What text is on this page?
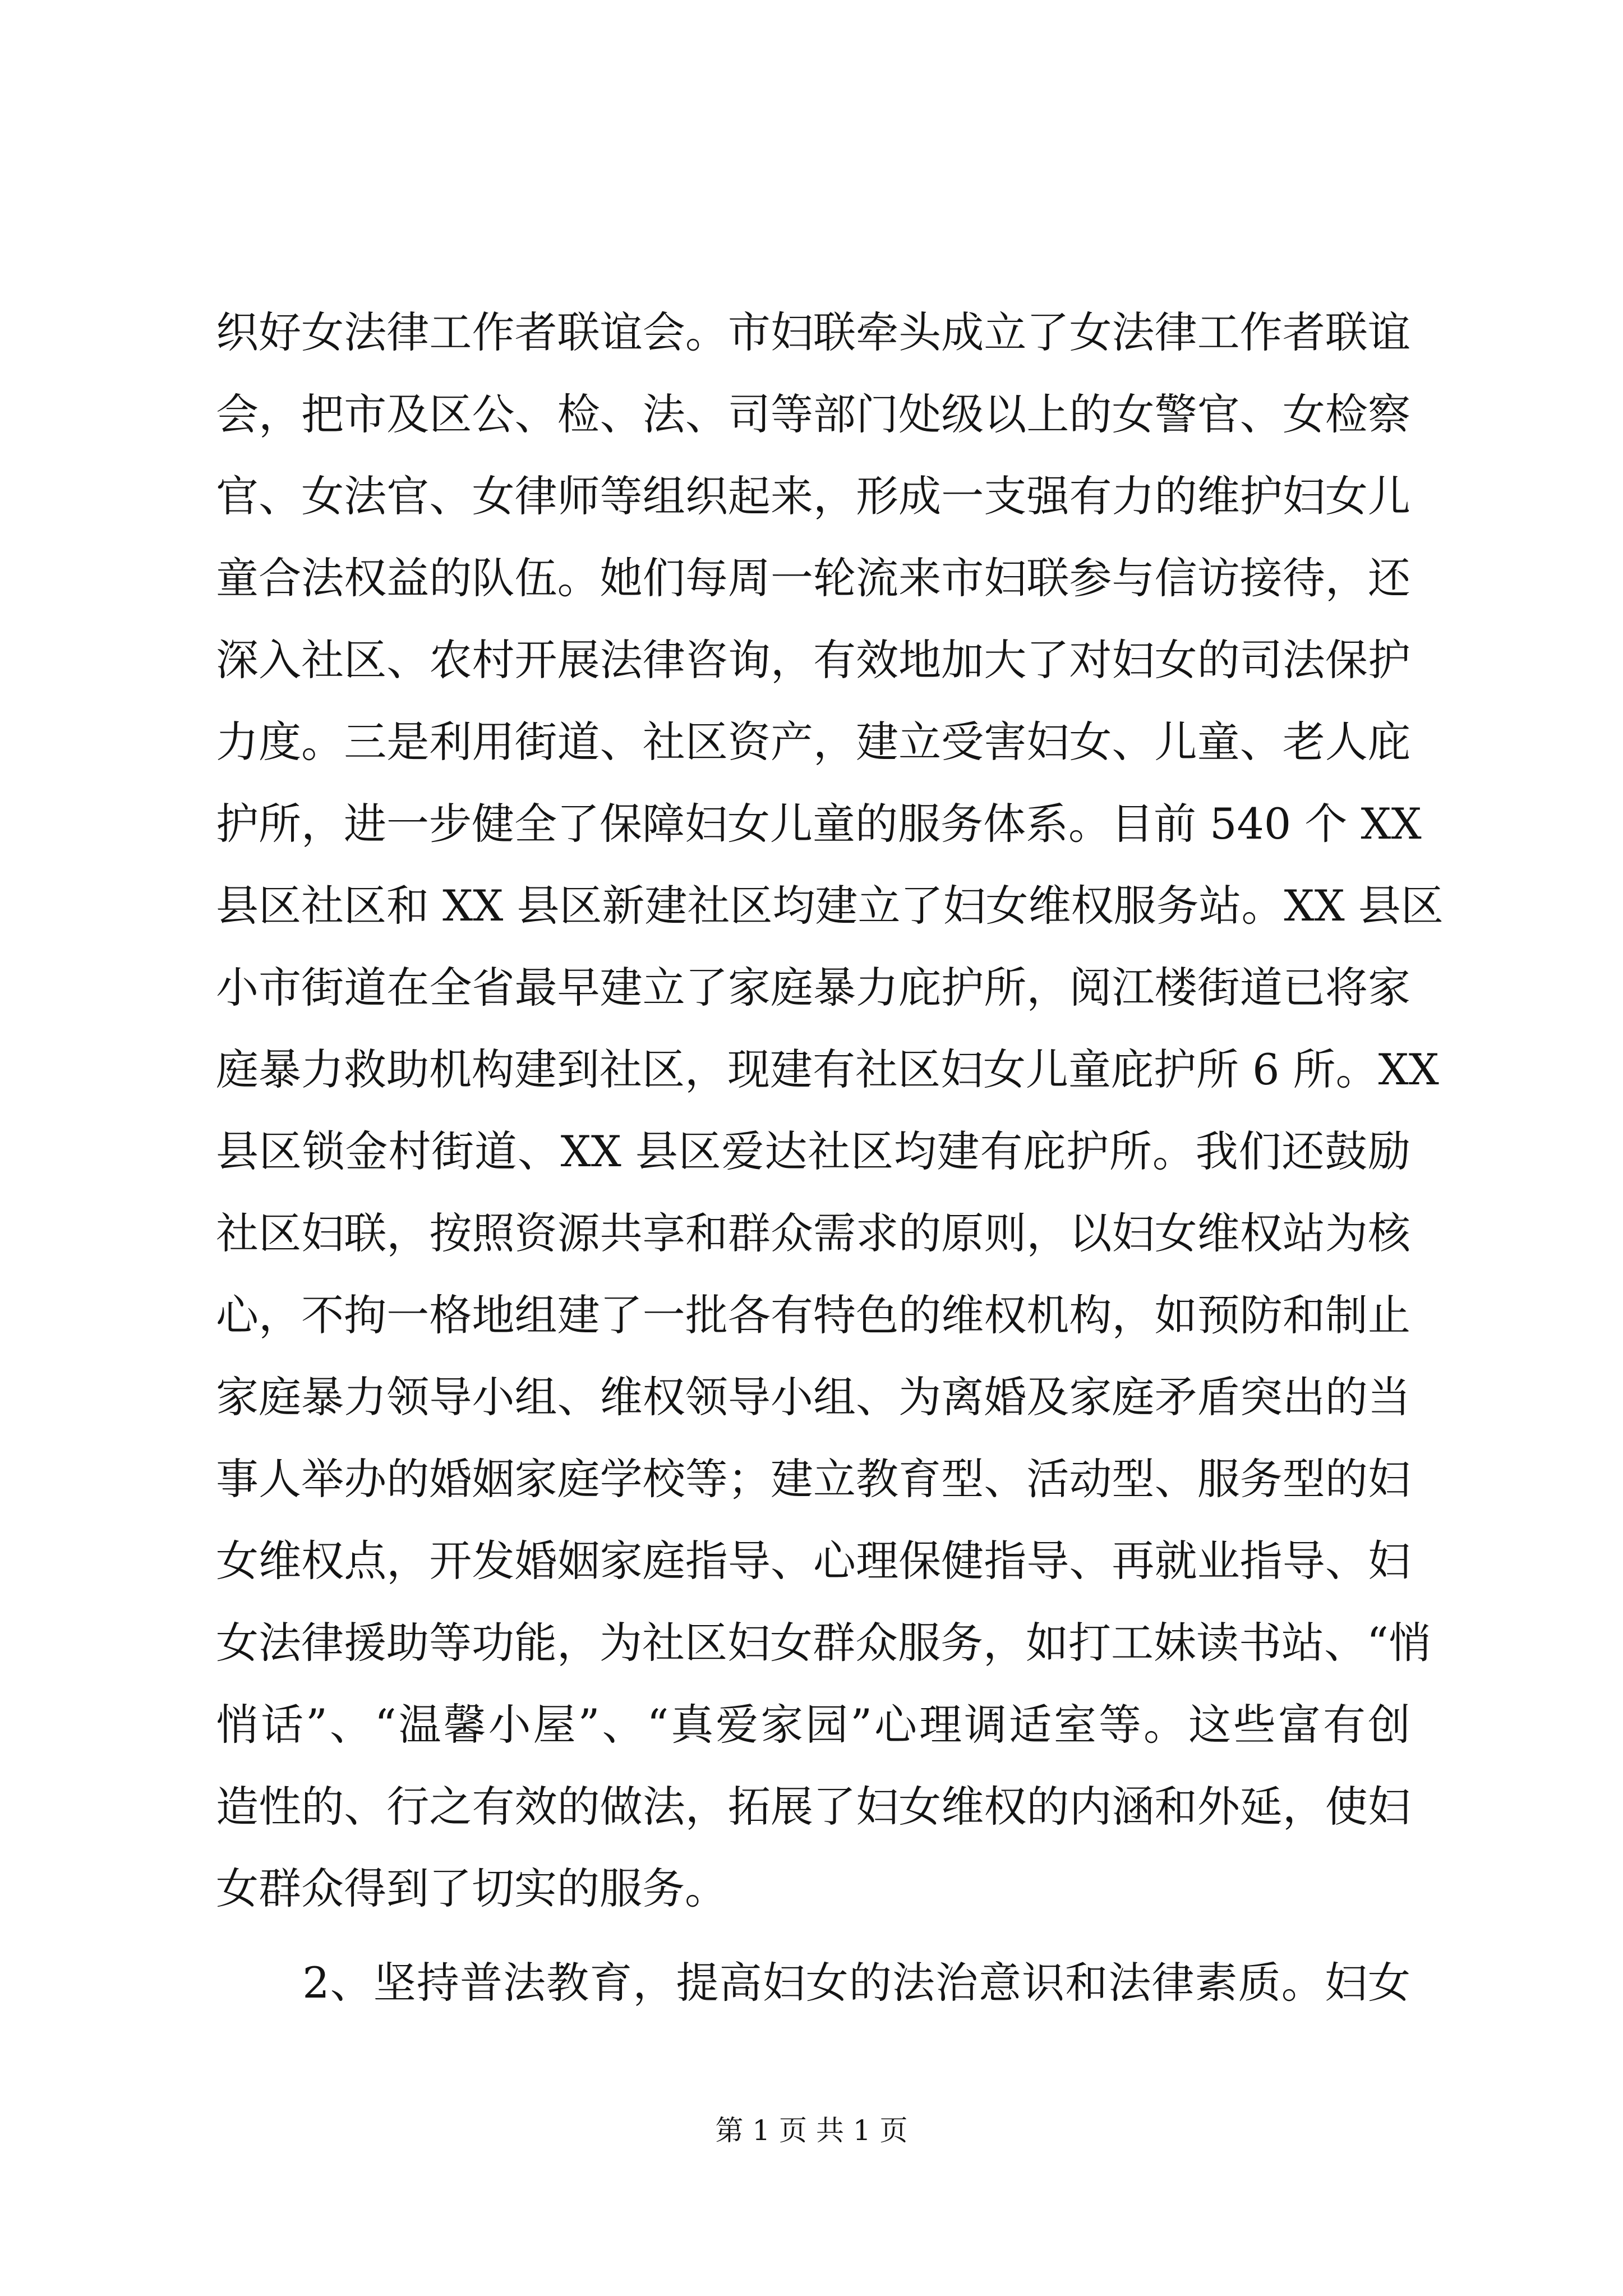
织好女法律工作者联谊会。市妇联牵头成立了女法律工作者联谊
会，把市及区公、检、法、司等部门处级以上的女警官、女检察
官、女法官、女律师等组织起来，形成一支强有力的维护妇女儿
童合法权益的队伍。她们每周一轮流来市妇联参与信访接待，还
深入社区、农村开展法律咨询，有效地加大了对妇女的司法保护
力度。三是利用街道、社区资产，建立受害妇女、儿童、老人庇
护所，进一步健全了保障妇女儿童的服务体系。目前 540 个 XX
县区社区和 XX 县区新建社区均建立了妇女维权服务站。XX 县区
小市街道在全省最早建立了家庭暴力庇护所，阅江楼街道已将家
庭暴力救助机构建到社区，现建有社区妇女儿童庇护所 6 所。XX
县区锁金村街道、XX 县区爱达社区均建有庇护所。我们还鼓励
社区妇联，按照资源共享和群众需求的原则，以妇女维权站为核
心，不拘一格地组建了一批各有特色的维权机构，如预防和制止
家庭暴力领导小组、维权领导小组、为离婚及家庭矛盾突出的当
事人举办的婚姻家庭学校等；建立教育型、活动型、服务型的妇
女维权点，开发婚姻家庭指导、心理保健指导、再就业指导、妇
女法律援助等功能，为社区妇女群众服务，如打工妹读书站、“悄
悄话”、“温馨小屋”、“真爱家园”心理调适室等。这些富有创
造性的、行之有效的做法，拓展了妇女维权的内涵和外延，使妇
女群众得到了切实的服务。
　　2、坚持普法教育，提高妇女的法治意识和法律素质。妇女
第 1 页 共 1 页
